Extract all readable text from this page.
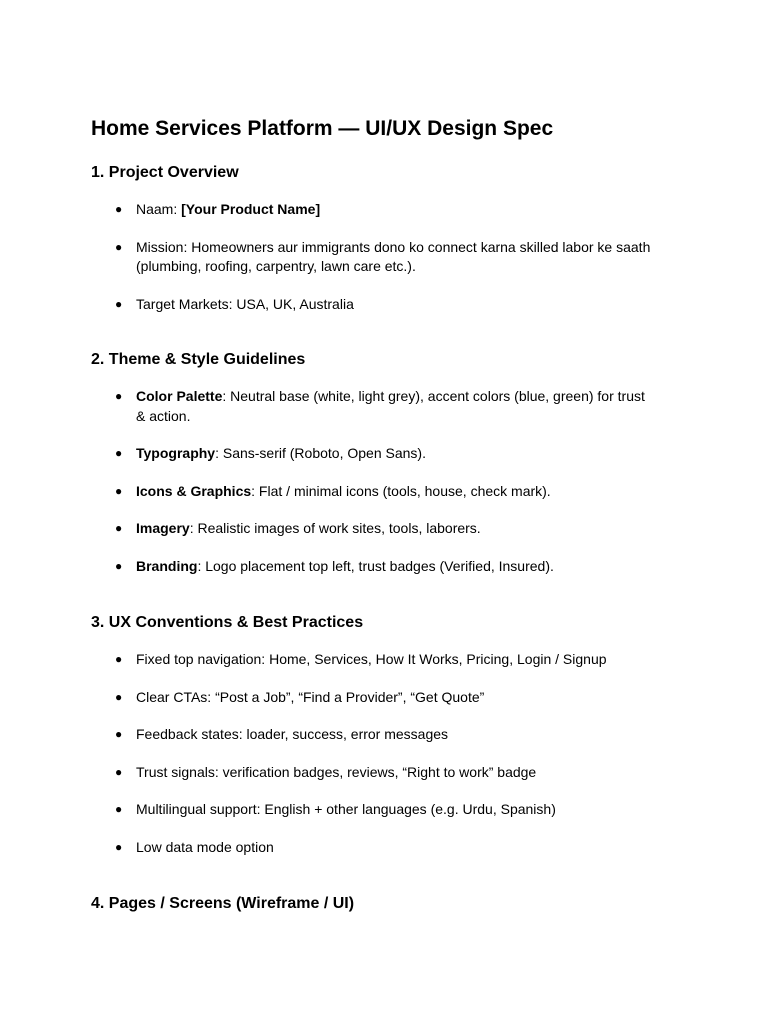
Home Services Platform — UI/UX Design Spec
1. Project Overview
● Naam: [Your Product Name]
● Mission: Homeowners aur immigrants dono ko connect karna skilled labor ke saath (plumbing, roofing, carpentry, lawn care etc.).
● Target Markets: USA, UK, Australia
2. Theme & Style Guidelines
● Color Palette: Neutral base (white, light grey), accent colors (blue, green) for trust & action.
● Typography: Sans-serif (Roboto, Open Sans).
● Icons & Graphics: Flat / minimal icons (tools, house, check mark).
● Imagery: Realistic images of work sites, tools, laborers.
● Branding: Logo placement top left, trust badges (Verified, Insured).
3. UX Conventions & Best Practices
● Fixed top navigation: Home, Services, How It Works, Pricing, Login / Signup
● Clear CTAs: “Post a Job”, “Find a Provider”, “Get Quote”
● Feedback states: loader, success, error messages
● Trust signals: verification badges, reviews, “Right to work” badge
● Multilingual support: English + other languages (e.g. Urdu, Spanish)
● Low data mode option
4. Pages / Screens (Wireframe / UI)
